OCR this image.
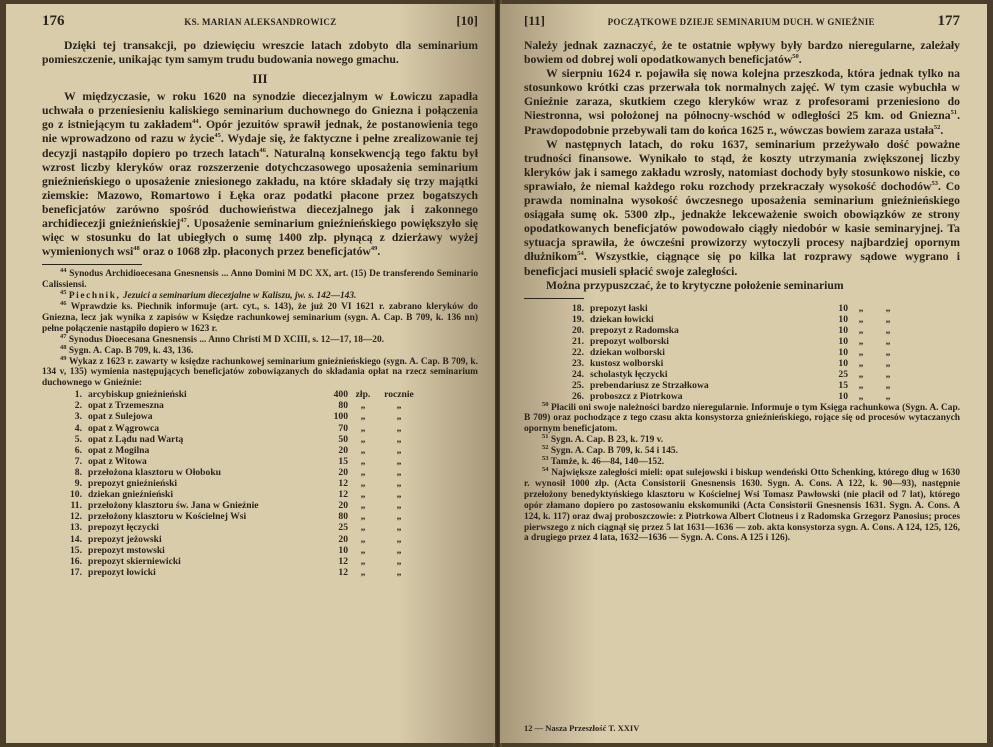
176	KS. MARIAN ALEKSANDROWICZ	[10]

Dzięki tej transakcji, po dziewięciu wreszcie latach zdobyto dla seminarium pomieszczenie, unikając tym samym trudu budowania nowego gmachu.

III

W międzyczasie, w roku 1620 na synodzie diecezjalnym w Łowiczu zapadła uchwała o przeniesieniu kaliskiego seminarium duchownego do Gniezna i połączenia go z istniejącym tu zakładem$^{44}$. Opór jezuitów sprawił jednak, że postanowienia tego nie wprowadzono od razu w życie$^{45}$. Wydaje się, że faktyczne i pełne zrealizowanie tej decyzji nastąpiło dopiero po trzech latach$^{46}$. Naturalną konsekwencją tego faktu był wzrost liczby kleryków oraz rozszerzenie dotychczasowego uposażenia seminarium gnieźnieńskiego o uposażenie zniesionego zakładu, na które składały się trzy majątki ziemskie: Mazowo, Romartowo i Łęka oraz podatki płacone przez bogatszych beneficjatów zarówno spośród duchowieństwa diecezjalnego jak i zakonnego archidiecezji gnieźnieńskiej$^{47}$. Uposażenie seminarium gnieźnieńskiego powiększyło się więc w stosunku do lat ubiegłych o sumę 1400 złp. płynącą z dzierżawy wyżej wymienionych wsi$^{48}$ oraz o 1068 złp. płaconych przez beneficjatów$^{49}$.

$^{44}$ Synodus Archidioecesana Gnesnensis ... Anno Domini M DC XX, art. (15) De transferendo Seminario Calissiensi.

$^{45}$ Piechnik, Jezuici a seminarium diecezjalne w Kaliszu, jw. s. 142—143.

$^{46}$ Wprawdzie ks. Piechnik informuje (art. cyt., s. 143), że już 20 VI 1621 r. zabrano kleryków do Gniezna, lecz jak wynika z zapisów w Księdze rachunkowej seminarium (sygn. A. Cap. B 709, k. 136 nn) pełne połączenie nastąpiło dopiero w 1623 r.

$^{47}$ Synodus Dioecesana Gnesnensis ... Anno Christi M D XCIII, s. 12—17, 18—20.

$^{48}$ Sygn. A. Cap. B 709, k. 43, 136.

$^{49}$ Wykaz z 1623 r. zawarty w księdze rachunkowej seminarium gnieźnieńskiego (sygn. A. Cap. B 709, k. 134 v, 135) wymienia następujących beneficjatów zobowiązanych do składania opłat na rzecz seminarium duchownego w Gnieźnie:

1.	arcybiskup gnieźnieński	400	złp.	rocznie
2.	opat z Trzemeszna	80	„	„
3.	opat z Sulejowa	100	„	„
4.	opat z Wągrowca	70	„	„
5.	opat z Lądu nad Wartą	50	„	„
6.	opat z Mogilna	20	„	„
7.	opat z Witowa	15	„	„
8.	przełożona klasztoru w Ołoboku	20	„	„
9.	prepozyt gnieźnieński	12	„	„
10.	dziekan gnieźnieński	12	„	„
11.	przełożony klasztoru św. Jana w Gnieźnie	20	„	„
12.	przełożony klasztoru w Kościelnej Wsi	80	„	„
13.	prepozyt łęczycki	25	„	„
14.	prepozyt jeżowski	20	„	„
15.	prepozyt mstowski	10	„	„
16.	prepozyt skierniewicki	12	„	„
17.	prepozyt łowicki	12	„	„
[11]	POCZĄTKOWE DZIEJE SEMINARIUM DUCH. W GNIEŹNIE	177

Należy jednak zaznaczyć, że te ostatnie wpływy były bardzo nieregularne, zależały bowiem od dobrej woli opodatkowanych beneficjatów$^{50}$.

W sierpniu 1624 r. pojawiła się nowa kolejna przeszkoda, która jednak tylko na stosunkowo krótki czas przerwała tok normalnych zajęć. W tym czasie wybuchła w Gnieźnie zaraza, skutkiem czego kleryków wraz z profesorami przeniesiono do Niestronna, wsi położonej na północny-wschód w odległości 25 km. od Gniezna$^{51}$. Prawdopodobnie przebywali tam do końca 1625 r., wówczas bowiem zaraza ustała$^{52}$.

W następnych latach, do roku 1637, seminarium przeżywało dość poważne trudności finansowe. Wynikało to stąd, że koszty utrzymania zwiększonej liczby kleryków jak i samego zakładu wzrosły, natomiast dochody były stosunkowo niskie, co sprawiało, że niemal każdego roku rozchody przekraczały wysokość dochodów$^{53}$. Co prawda nominalna wysokość ówczesnego uposażenia seminarium gnieźnieńskiego osiągała sumę ok. 5300 złp., jednakże lekceważenie swoich obowiązków ze strony opodatkowanych beneficjatów powodowało ciągły niedobór w kasie seminaryjnej. Ta sytuacja sprawiła, że ówcześni prowizorzy wytoczyli procesy najbardziej opornym dłużnikom$^{54}$. Wszystkie, ciągnące się po kilka lat rozprawy sądowe wygrano i beneficjaci musieli spłacić swoje zaległości.

Można przypuszczać, że to krytyczne położenie seminarium

18.	prepozyt łaski	10	„	„
19.	dziekan łowicki	10	„	„
20.	prepozyt z Radomska	10	„	„
21.	prepozyt wolborski	10	„	„
22.	dziekan wolborski	10	„	„
23.	kustosz wolborski	10	„	„
24.	scholastyk łęczycki	25	„	„
25.	prebendariusz ze Strzałkowa	15	„	„
26.	proboszcz z Piotrkowa	10	„	„

$^{50}$ Płacili oni swoje należności bardzo nieregularnie. Informuje o tym Księga rachunkowa (Sygn. A. Cap. B 709) oraz pochodzące z tego czasu akta konsystorza gnieźnieńskiego, rojące się od procesów wytaczanych opornym beneficjatom.

$^{51}$ Sygn. A. Cap. B 23, k. 719 v.

$^{52}$ Sygn. A. Cap. B 709, k. 54 i 145.

$^{53}$ Tamże, k. 46—84, 140—152.

$^{54}$ Największe zaległości mieli: opat sulejowski i biskup wendeński Otto Schenking, którego dług w 1630 r. wynosił 1000 złp. (Acta Consistorii Gnesnensis 1630. Sygn. A. Cons. A 122, k. 90—93), następnie przełożony benedyktyńskiego klasztoru w Kościelnej Wsi Tomasz Pawłowski (nie płacił od 7 lat), którego opór złamano dopiero po zastosowaniu ekskomuniki (Acta Consistorii Gnesnensis 1631. Sygn. A. Cons. A 124, k. 117) oraz dwaj proboszczowie: z Piotrkowa Albert Clotneus i z Radomska Grzegorz Panosius; proces pierwszego z nich ciągnął się przez 5 lat 1631—1636 — zob. akta konsystorza sygn. A. Cons. A 124, 125, 126, a drugiego przez 4 lata, 1632—1636 — Sygn. A. Cons. A 125 i 126).

12 — Nasza Przeszłość T. XXIV
